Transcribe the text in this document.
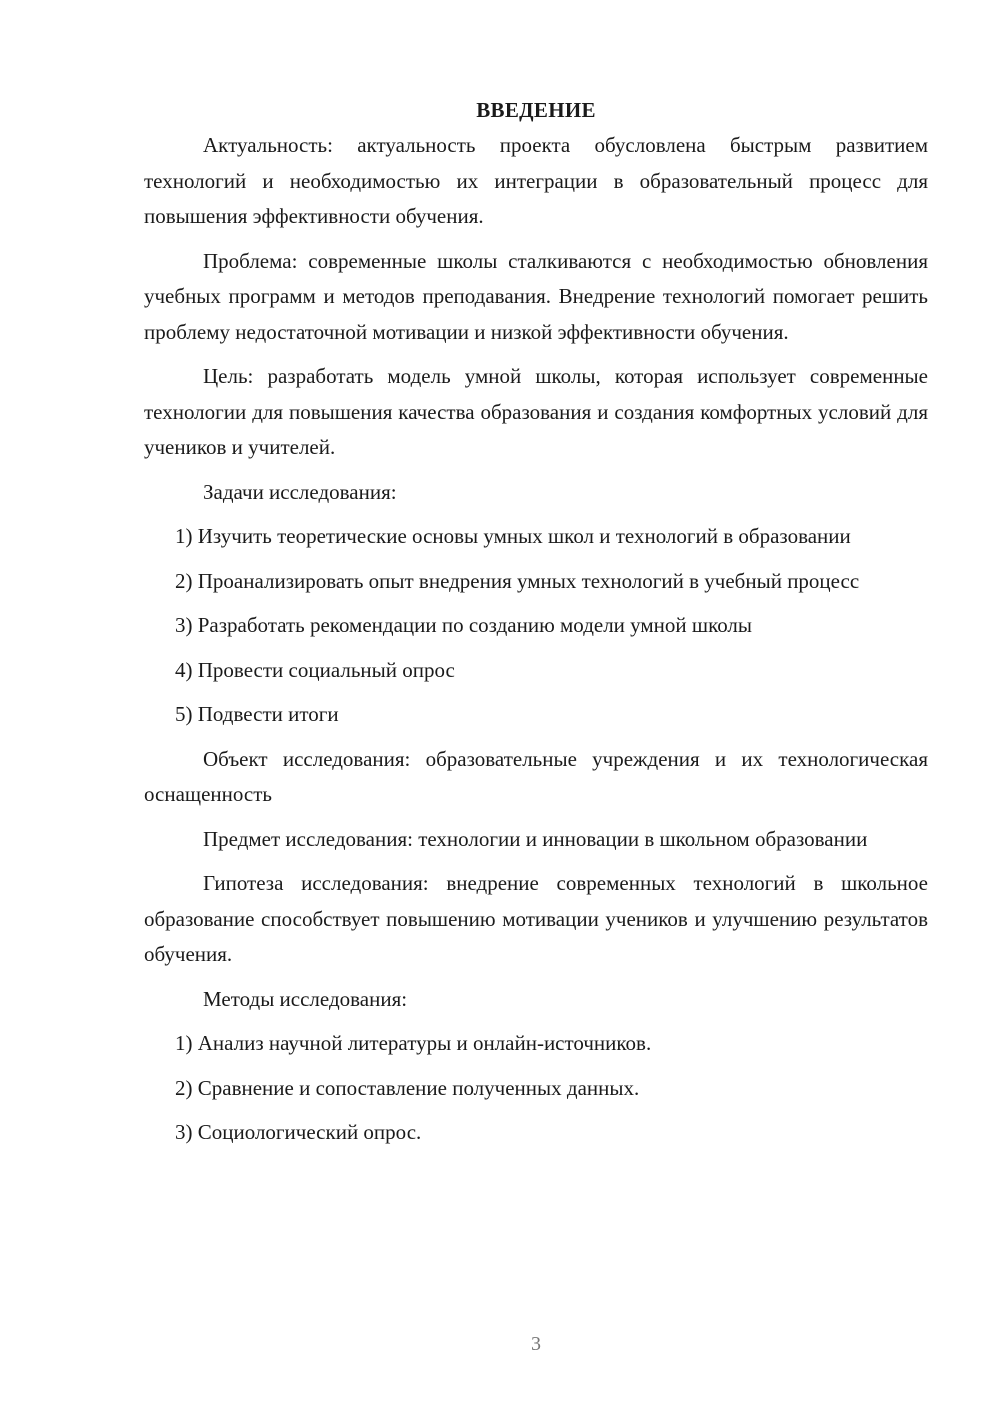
ВВЕДЕНИЕ

Актуальность: актуальность проекта обусловлена быстрым развитием технологий и необходимостью их интеграции в образовательный процесс для повышения эффективности обучения.

Проблема: современные школы сталкиваются с необходимостью обновления учебных программ и методов преподавания. Внедрение технологий помогает решить проблему недостаточной мотивации и низкой эффективности обучения.

Цель: разработать модель умной школы, которая использует современные технологии для повышения качества образования и создания комфортных условий для учеников и учителей.

Задачи исследования:

1) Изучить теоретические основы умных школ и технологий в образовании

2) Проанализировать опыт внедрения умных технологий в учебный процесс

3) Разработать рекомендации по созданию модели умной школы

4) Провести социальный опрос

5) Подвести итоги

Объект исследования: образовательные учреждения и их технологическая оснащенность

Предмет исследования: технологии и инновации в школьном образовании

Гипотеза исследования: внедрение современных технологий в школьное образование способствует повышению мотивации учеников и улучшению результатов обучения.

Методы исследования:

1) Анализ научной литературы и онлайн-источников.

2) Сравнение и сопоставление полученных данных.

3) Социологический опрос.

3
